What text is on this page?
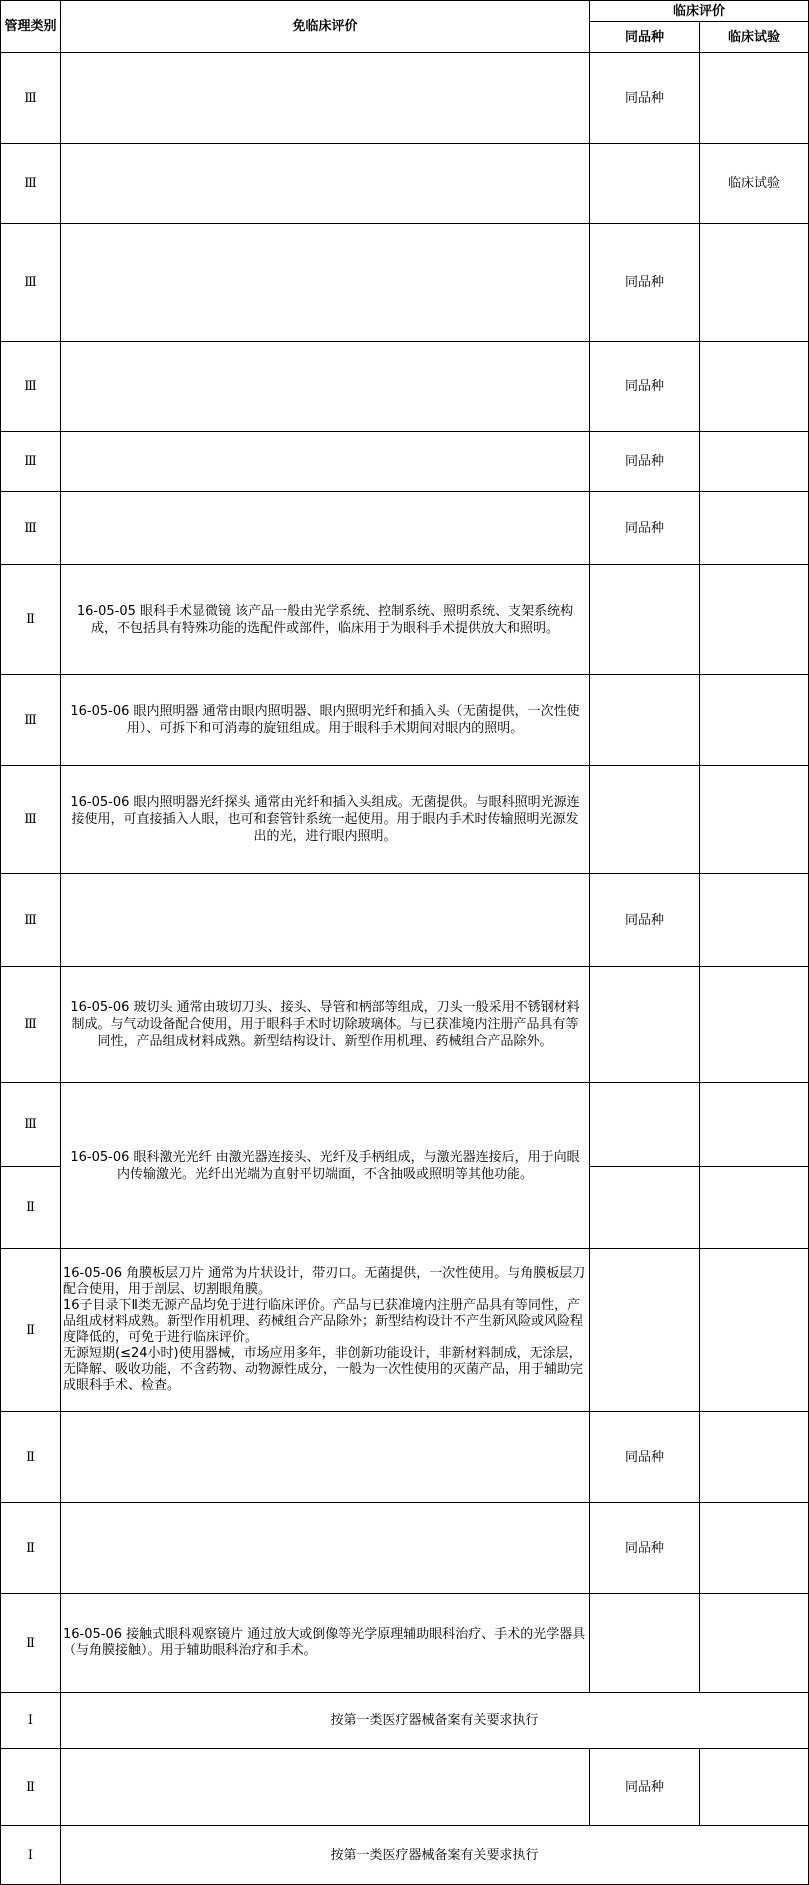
管理类别	免临床评价	临床评价	
		同品种	临床试验
Ⅲ		同品种	
Ⅲ			临床试验
Ⅲ		同品种	
Ⅲ		同品种	
Ⅲ		同品种	
Ⅲ		同品种	
Ⅱ	16-05-05 眼科手术显微镜 该产品一般由光学系统、控制系统、照明系统、支架系统构成，不包括具有特殊功能的选配件或部件，临床用于为眼科手术提供放大和照明。		
Ⅲ	16-05-06 眼内照明器 通常由眼内照明器、眼内照明光纤和插入头（无菌提供，一次性使用）、可拆下和可消毒的旋钮组成。用于眼科手术期间对眼内的照明。		
Ⅲ	16-05-06 眼内照明器光纤探头 通常由光纤和插入头组成。无菌提供。与眼科照明光源连接使用，可直接插入人眼，也可和套管针系统一起使用。用于眼内手术时传输照明光源发出的光，进行眼内照明。		
Ⅲ		同品种	
Ⅲ	16-05-06 玻切头 通常由玻切刀头、接头、导管和柄部等组成，刀头一般采用不锈钢材料制成。与气动设备配合使用，用于眼科手术时切除玻璃体。与已获准境内注册产品具有等同性，产品组成材料成熟。新型结构设计、新型作用机理、药械组合产品除外。		
Ⅲ	16-05-06 眼科激光光纤 由激光器连接头、光纤及手柄组成，与激光器连接后，用于向眼内传输激光。光纤出光端为直射平切端面，不含抽吸或照明等其他功能。		
Ⅱ			
Ⅱ	16-05-06 角膜板层刀片 通常为片状设计，带刃口。无菌提供，一次性使用。与角膜板层刀配合使用，用于剖层、切割眼角膜。
16子目录下Ⅱ类无源产品均免于进行临床评价。产品与已获准境内注册产品具有等同性，产品组成材料成熟。新型作用机理、药械组合产品除外；新型结构设计不产生新风险或风险程度降低的，可免于进行临床评价。
无源短期(≤24小时)使用器械，市场应用多年，非创新功能设计，非新材料制成，无涂层，无降解、吸收功能，不含药物、动物源性成分，一般为一次性使用的灭菌产品，用于辅助完成眼科手术、检查。		

Ⅱ		同品种	
Ⅱ		同品种	
Ⅱ	16-05-06 接触式眼科观察镜片 通过放大或倒像等光学原理辅助眼科治疗、手术的光学器具（与角膜接触）。用于辅助眼科治疗和手术。		
Ⅰ	按第一类医疗器械备案有关要求执行		
Ⅱ		同品种	
Ⅰ	按第一类医疗器械备案有关要求执行		
